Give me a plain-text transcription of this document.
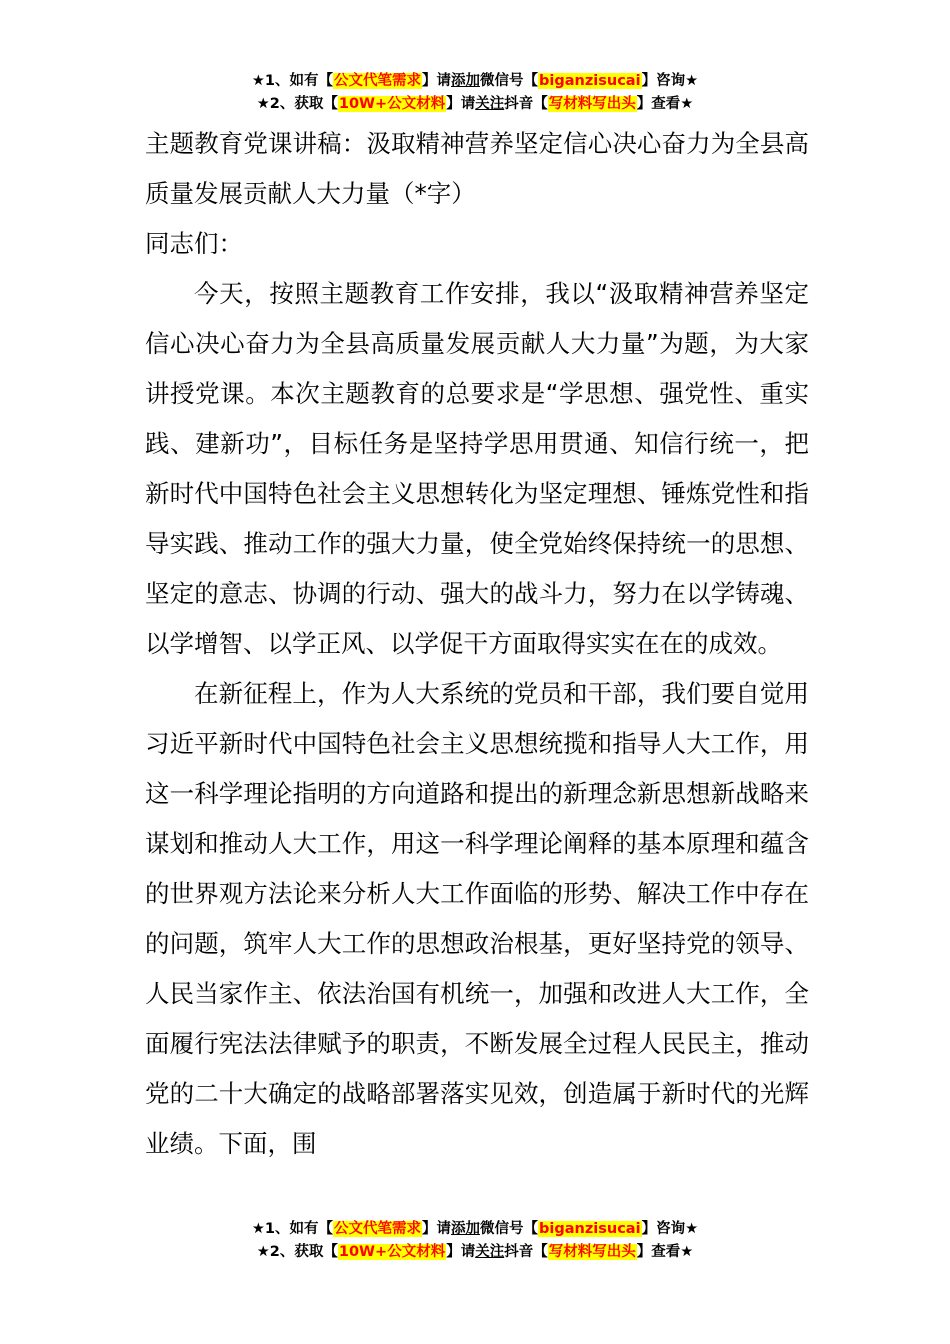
★1、如有【公文代笔需求】请添加微信号【biganzisucai】咨询★
★2、获取【10W+公文材料】请关注抖音【写材料写出头】查看★

主题教育党课讲稿：汲取精神营养坚定信心决心奋力为全县高质量发展贡献人大力量（*字）

同志们：

今天，按照主题教育工作安排，我以“汲取精神营养坚定信心决心奋力为全县高质量发展贡献人大力量”为题，为大家讲授党课。本次主题教育的总要求是“学思想、强党性、重实践、建新功”，目标任务是坚持学思用贯通、知信行统一，把新时代中国特色社会主义思想转化为坚定理想、锤炼党性和指导实践、推动工作的强大力量，使全党始终保持统一的思想、坚定的意志、协调的行动、强大的战斗力，努力在以学铸魂、以学增智、以学正风、以学促干方面取得实实在在的成效。

在新征程上，作为人大系统的党员和干部，我们要自觉用习近平新时代中国特色社会主义思想统揽和指导人大工作，用这一科学理论指明的方向道路和提出的新理念新思想新战略来谋划和推动人大工作，用这一科学理论阐释的基本原理和蕴含的世界观方法论来分析人大工作面临的形势、解决工作中存在的问题，筑牢人大工作的思想政治根基，更好坚持党的领导、人民当家作主、依法治国有机统一，加强和改进人大工作，全面履行宪法法律赋予的职责，不断发展全过程人民民主，推动党的二十大确定的战略部署落实见效，创造属于新时代的光辉业绩。下面，围

★1、如有【公文代笔需求】请添加微信号【biganzisucai】咨询★
★2、获取【10W+公文材料】请关注抖音【写材料写出头】查看★
